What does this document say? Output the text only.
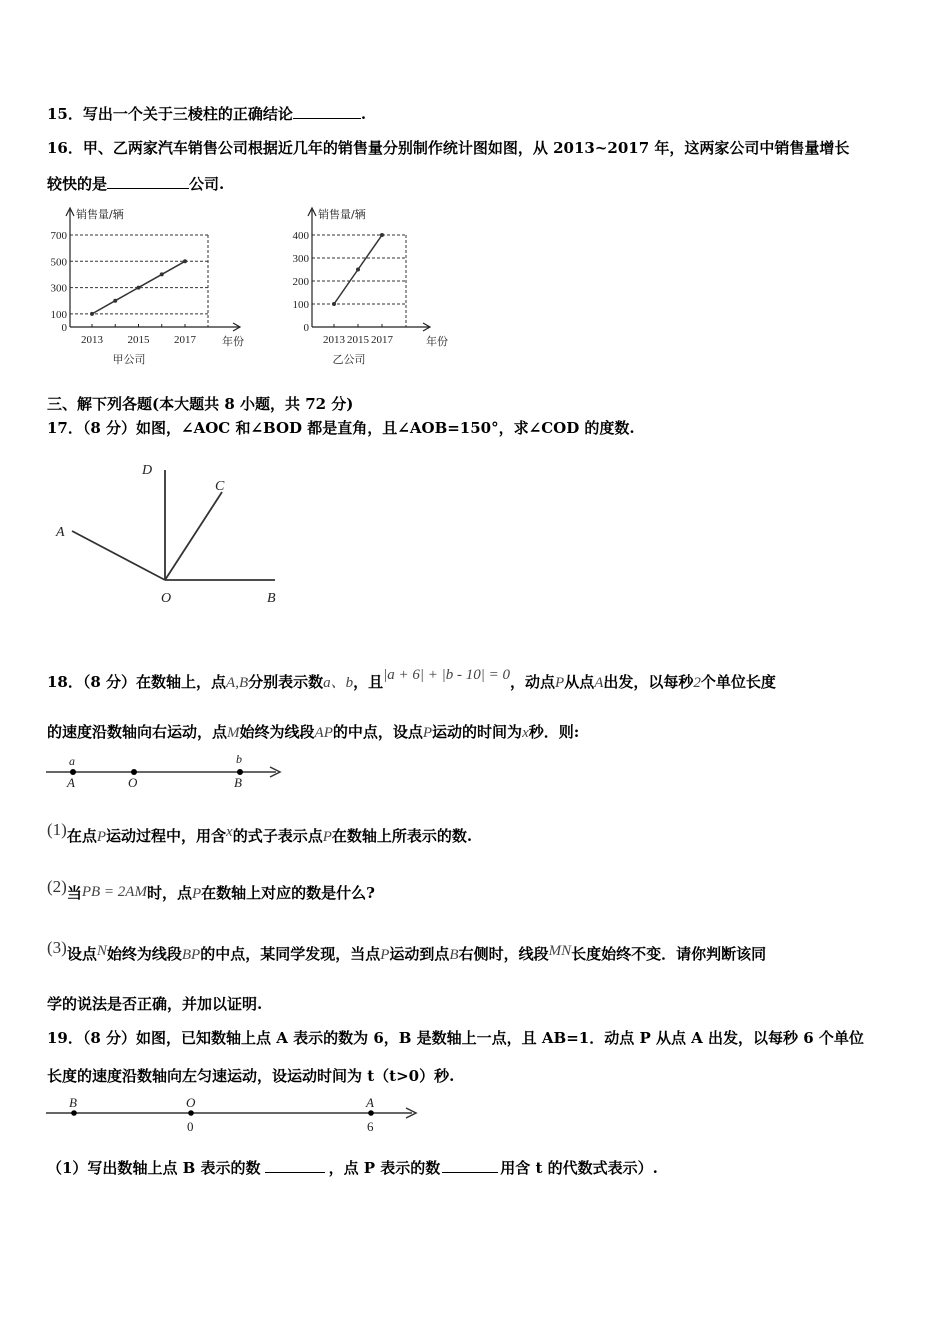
15．写出一个关于三棱柱的正确结论	.
16．甲、乙两家汽车销售公司根据近几年的销售量分别制作统计图如图，从 2013~2017 年，这两家公司中销售量增长
较快的是	公司.
700
500
300
100
0
2013 2015 2017
销售量/辆
年份
甲公司
400
300
200
100
0
2013 2015 2017
销售量/辆
年份
乙公司
三、解下列各题(本大题共 8 小题，共 72 分)
17．（8 分）如图，∠AOC 和∠BOD 都是直角，且∠AOB=150°，求∠COD 的度数.
D
C
A
O	B
18．（8 分）在数轴上，点A,B分别表示数a、b，且|a + 6| + |b - 10| = 0，动点P从点A出发，以每秒2个单位长度
的速度沿数轴向右运动，点M始终为线段AP的中点，设点P运动的时间为x秒．则:
a
A	O
b
B
(1)在点P运动过程中，用含x的式子表示点P在数轴上所表示的数.
(2)当PB = 2AM时，点P在数轴上对应的数是什么?
(3)设点N始终为线段BP的中点，某同学发现，当点P运动到点B右侧时，线段MN长度始终不变．请你判断该同
学的说法是否正确，并加以证明.
19．（8 分）如图，已知数轴上点 A 表示的数为 6，B 是数轴上一点，且 AB=1．动点 P 从点 A 出发，以每秒 6 个单位
长度的速度沿数轴向左匀速运动，设运动时间为 t（t>0）秒.
B	O
0
A
6
（1）写出数轴上点 B 表示的数	，点 P 表示的数	用含 t 的代数式表示）.
